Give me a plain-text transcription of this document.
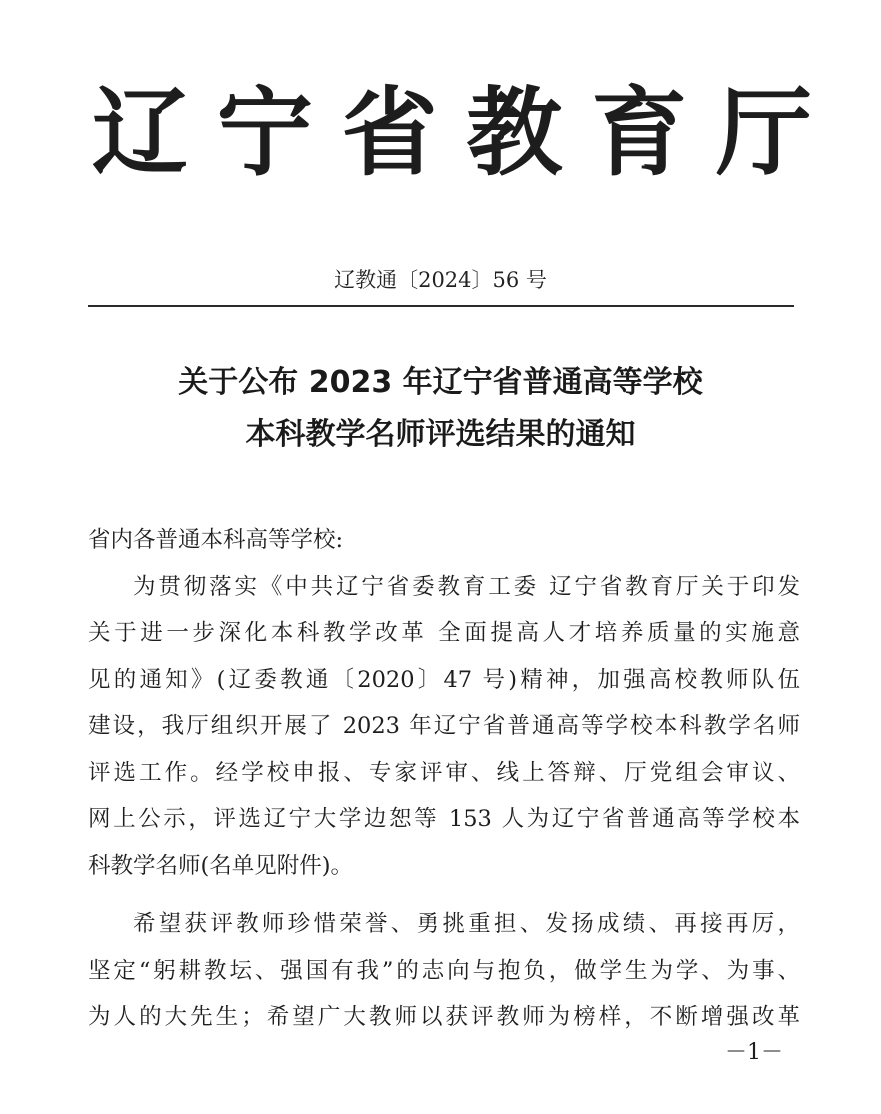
辽 宁 省 教 育 厅
辽教通〔2024〕56 号
关于公布 2023 年辽宁省普通高等学校
本科教学名师评选结果的通知

省内各普通本科高等学校:

为贯彻落实《中共辽宁省委教育工委 辽宁省教育厅关于印发
关于进一步深化本科教学改革 全面提高人才培养质量的实施意
见的通知》(辽委教通〔2020〕47 号)精神，加强高校教师队伍
建设，我厅组织开展了 2023 年辽宁省普通高等学校本科教学名师
评选工作。经学校申报、专家评审、线上答辩、厅党组会审议、
网上公示，评选辽宁大学边恕等 153 人为辽宁省普通高等学校本
科教学名师(名单见附件)。

希望获评教师珍惜荣誉、勇挑重担、发扬成绩、再接再厉，
坚定“躬耕教坛、强国有我”的志向与抱负，做学生为学、为事、
为人的大先生；希望广大教师以获评教师为榜样，不断增强改革

－1－
